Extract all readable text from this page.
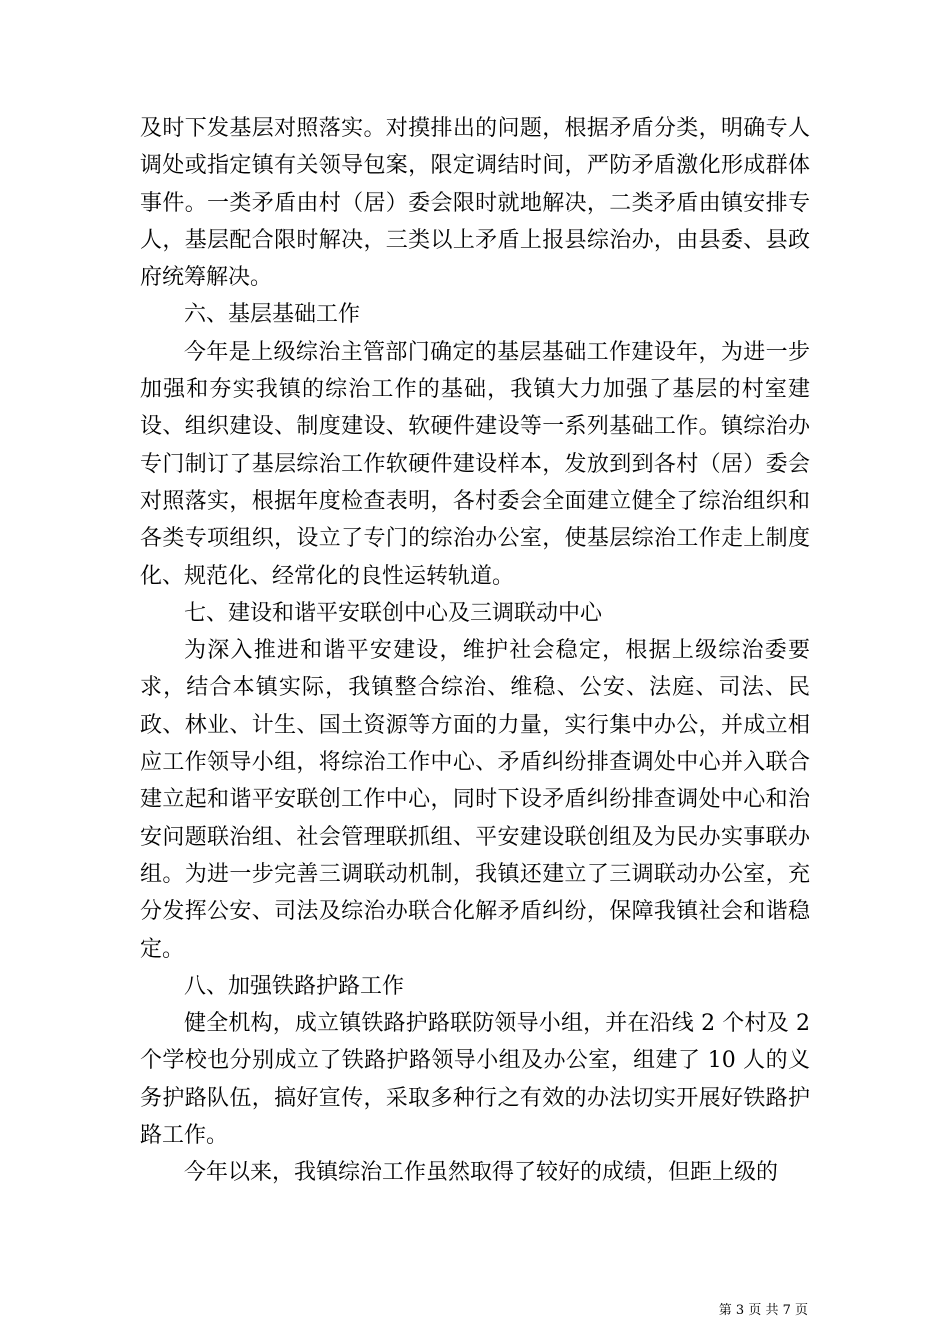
及时下发基层对照落实。对摸排出的问题，根据矛盾分类，明确专人调处或指定镇有关领导包案，限定调结时间，严防矛盾激化形成群体事件。一类矛盾由村（居）委会限时就地解决，二类矛盾由镇安排专人，基层配合限时解决，三类以上矛盾上报县综治办，由县委、县政府统筹解决。

六、基层基础工作

今年是上级综治主管部门确定的基层基础工作建设年，为进一步加强和夯实我镇的综治工作的基础，我镇大力加强了基层的村室建设、组织建设、制度建设、软硬件建设等一系列基础工作。镇综治办专门制订了基层综治工作软硬件建设样本，发放到到各村（居）委会对照落实，根据年度检查表明，各村委会全面建立健全了综治组织和各类专项组织，设立了专门的综治办公室，使基层综治工作走上制度化、规范化、经常化的良性运转轨道。

七、建设和谐平安联创中心及三调联动中心

为深入推进和谐平安建设，维护社会稳定，根据上级综治委要求，结合本镇实际，我镇整合综治、维稳、公安、法庭、司法、民政、林业、计生、国土资源等方面的力量，实行集中办公，并成立相应工作领导小组，将综治工作中心、矛盾纠纷排查调处中心并入联合建立起和谐平安联创工作中心，同时下设矛盾纠纷排查调处中心和治安问题联治组、社会管理联抓组、平安建设联创组及为民办实事联办组。为进一步完善三调联动机制，我镇还建立了三调联动办公室，充分发挥公安、司法及综治办联合化解矛盾纠纷，保障我镇社会和谐稳定。

八、加强铁路护路工作

健全机构，成立镇铁路护路联防领导小组，并在沿线 2 个村及 2 个学校也分别成立了铁路护路领导小组及办公室，组建了 10 人的义务护路队伍，搞好宣传，采取多种行之有效的办法切实开展好铁路护路工作。

今年以来，我镇综治工作虽然取得了较好的成绩，但距上级的

第 3 页 共 7 页
